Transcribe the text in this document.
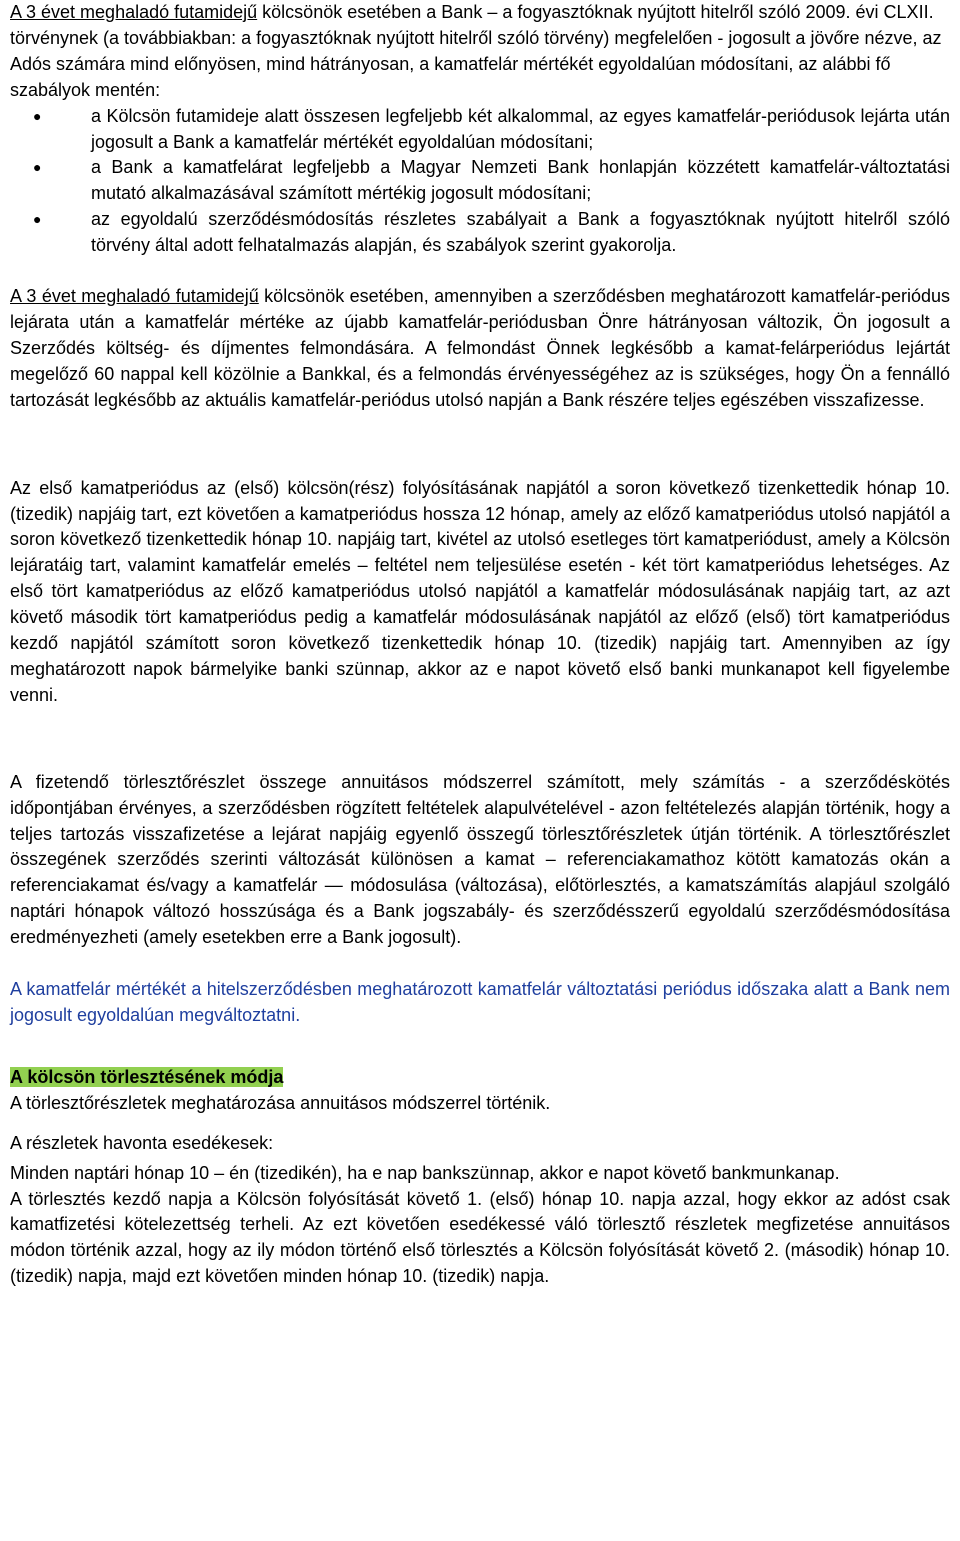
A 3 évet meghaladó futamidejű kölcsönök esetében a Bank – a fogyasztóknak nyújtott hitelről szóló 2009. évi CLXII. törvénynek (a továbbiakban: a fogyasztóknak nyújtott hitelről szóló törvény) megfelelően - jogosult a jövőre nézve, az Adós számára mind előnyösen, mind hátrányosan, a kamatfelár mértékét egyoldalúan módosítani, az alábbi fő szabályok mentén:

●	a Kölcsön futamideje alatt összesen legfeljebb két alkalommal, az egyes kamatfelár-periódusok lejárta után jogosult a Bank a kamatfelár mértékét egyoldalúan módosítani;
●	a Bank a kamatfelárat legfeljebb a Magyar Nemzeti Bank honlapján közzétett kamatfelár-változtatási mutató alkalmazásával számított mértékig jogosult módosítani;
●	az egyoldalú szerződésmódosítás részletes szabályait a Bank a fogyasztóknak nyújtott hitelről szóló törvény által adott felhatalmazás alapján, és szabályok szerint gyakorolja.

A 3 évet meghaladó futamidejű kölcsönök esetében, amennyiben a szerződésben meghatározott kamatfelár-periódus lejárata után a kamatfelár mértéke az újabb kamatfelár-periódusban Önre hátrányosan változik, Ön jogosult a Szerződés költség- és díjmentes felmondására. A felmondást Önnek legkésőbb a kamat-felárperiódus lejártát megelőző 60 nappal kell közölnie a Bankkal, és a felmondás érvényességéhez az is szükséges, hogy Ön a fennálló tartozását legkésőbb az aktuális kamatfelár-periódus utolsó napján a Bank részére teljes egészében visszafizesse.

Az első kamatperiódus az (első) kölcsön(rész) folyósításának napjától a soron következő tizenkettedik hónap 10. (tizedik) napjáig tart, ezt követően a kamatperiódus hossza 12 hónap, amely az előző kamatperiódus utolsó napjától a soron következő tizenkettedik hónap 10. napjáig tart, kivétel az utolsó esetleges tört kamatperiódust, amely a Kölcsön lejáratáig tart, valamint kamatfelár emelés – feltétel nem teljesülése esetén - két tört kamatperiódus lehetséges. Az első tört kamatperiódus az előző kamatperiódus utolsó napjától a kamatfelár módosulásának napjáig tart, az azt követő második tört kamatperiódus pedig a kamatfelár módosulásának napjától az előző (első) tört kamatperiódus kezdő napjától számított soron következő tizenkettedik hónap 10. (tizedik) napjáig tart. Amennyiben az így meghatározott napok bármelyike banki szünnap, akkor az e napot követő első banki munkanapot kell figyelembe venni.

A fizetendő törlesztőrészlet összege annuitásos módszerrel számított, mely számítás - a szerződéskötés időpontjában érvényes, a szerződésben rögzített feltételek alapulvételével - azon feltételezés alapján történik, hogy a teljes tartozás visszafizetése a lejárat napjáig egyenlő összegű törlesztőrészletek útján történik. A törlesztőrészlet összegének szerződés szerinti változását különösen a kamat – referenciakamathoz kötött kamatozás okán a referenciakamat és/vagy a kamatfelár — módosulása (változása), előtörlesztés, a kamatszámítás alapjául szolgáló naptári hónapok változó hosszúsága és a Bank jogszabály- és szerződésszerű egyoldalú szerződésmódosítása eredményezheti (amely esetekben erre a Bank jogosult).

A kamatfelár mértékét a hitelszerződésben meghatározott kamatfelár változtatási periódus időszaka alatt a Bank nem jogosult egyoldalúan megváltoztatni.

A kölcsön törlesztésének módja

A törlesztőrészletek meghatározása annuitásos módszerrel történik.

A részletek havonta esedékesek:

Minden naptári hónap 10 – én (tizedikén), ha e nap bankszünnap, akkor e napot követő bankmunkanap.

A törlesztés kezdő napja a Kölcsön folyósítását követő 1. (első) hónap 10. napja azzal, hogy ekkor az adóst csak kamatfizetési kötelezettség terheli. Az ezt követően esedékessé váló törlesztő részletek megfizetése annuitásos módon történik azzal, hogy az ily módon történő első törlesztés a Kölcsön folyósítását követő 2. (második) hónap 10. (tizedik) napja, majd ezt követően minden hónap 10. (tizedik) napja.
